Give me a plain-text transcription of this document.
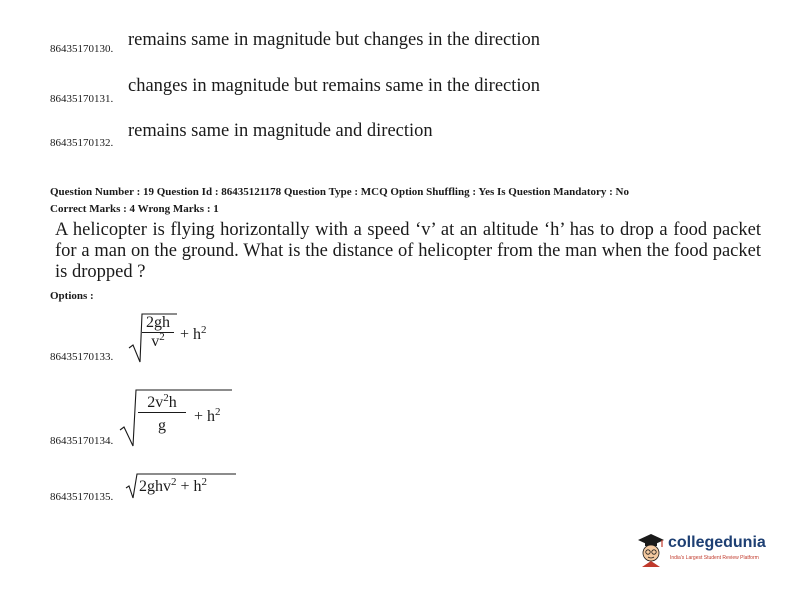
remains same in magnitude but changes in the direction
86435170130.
changes in magnitude but remains same in the direction
86435170131.
remains same in magnitude and direction
86435170132.
Question Number : 19 Question Id : 86435121178 Question Type : MCQ Option Shuffling : Yes Is Question Mandatory : No
Correct Marks : 4 Wrong Marks : 1
A helicopter is flying horizontally with a speed ‘v’ at an altitude ‘h’ has to drop a food packet for a man on the ground. What is the distance of helicopter from the man when the food packet is dropped ?
Options :
86435170133.
2gh
$v^2 + h^2$
86435170134.
$2v^2h$
g
+ $h^2$
86435170135.
$2ghv^2 + h^2$
collegedunia
India's Largest Student Review Platform
